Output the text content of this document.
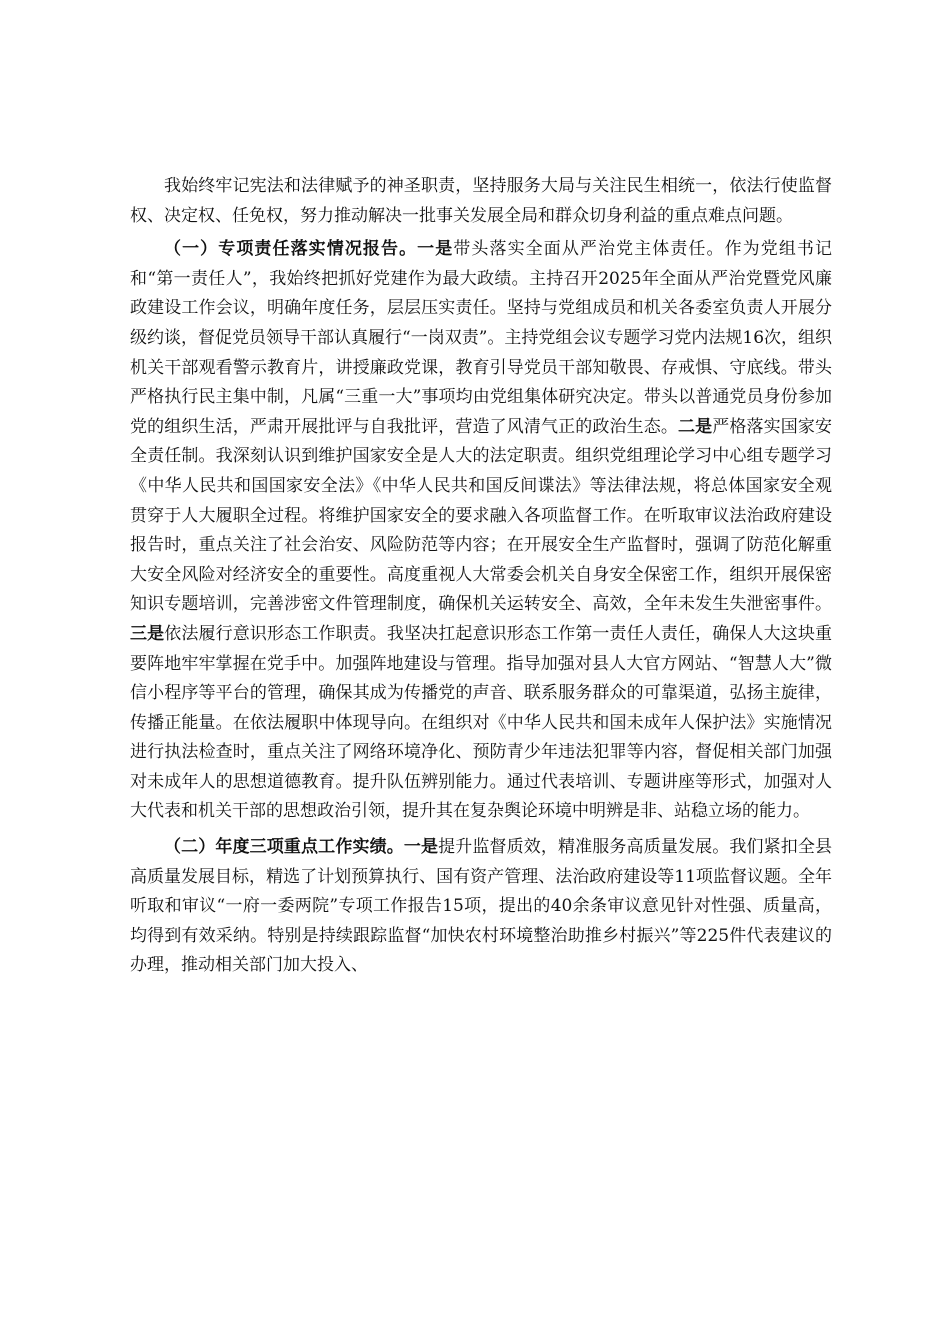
我始终牢记宪法和法律赋予的神圣职责，坚持服务大局与关注民生相统一，依法行使监督权、决定权、任免权，努力推动解决一批事关发展全局和群众切身利益的重点难点问题。

（一）专项责任落实情况报告。一是带头落实全面从严治党主体责任。作为党组书记和“第一责任人”，我始终把抓好党建作为最大政绩。主持召开2025年全面从严治党暨党风廉政建设工作会议，明确年度任务，层层压实责任。坚持与党组成员和机关各委室负责人开展分级约谈，督促党员领导干部认真履行“一岗双责”。主持党组会议专题学习党内法规16次，组织机关干部观看警示教育片，讲授廉政党课，教育引导党员干部知敬畏、存戒惧、守底线。带头严格执行民主集中制，凡属“三重一大”事项均由党组集体研究决定。带头以普通党员身份参加党的组织生活，严肃开展批评与自我批评，营造了风清气正的政治生态。二是严格落实国家安全责任制。我深刻认识到维护国家安全是人大的法定职责。组织党组理论学习中心组专题学习《中华人民共和国国家安全法》《中华人民共和国反间谍法》等法律法规，将总体国家安全观贯穿于人大履职全过程。将维护国家安全的要求融入各项监督工作。在听取审议法治政府建设报告时，重点关注了社会治安、风险防范等内容；在开展安全生产监督时，强调了防范化解重大安全风险对经济安全的重要性。高度重视人大常委会机关自身安全保密工作，组织开展保密知识专题培训，完善涉密文件管理制度，确保机关运转安全、高效，全年未发生失泄密事件。三是依法履行意识形态工作职责。我坚决扛起意识形态工作第一责任人责任，确保人大这块重要阵地牢牢掌握在党手中。加强阵地建设与管理。指导加强对县人大官方网站、“智慧人大”微信小程序等平台的管理，确保其成为传播党的声音、联系服务群众的可靠渠道，弘扬主旋律，传播正能量。在依法履职中体现导向。在组织对《中华人民共和国未成年人保护法》实施情况进行执法检查时，重点关注了网络环境净化、预防青少年违法犯罪等内容，督促相关部门加强对未成年人的思想道德教育。提升队伍辨别能力。通过代表培训、专题讲座等形式，加强对人大代表和机关干部的思想政治引领，提升其在复杂舆论环境中明辨是非、站稳立场的能力。

（二）年度三项重点工作实绩。一是提升监督质效，精准服务高质量发展。我们紧扣全县高质量发展目标，精选了计划预算执行、国有资产管理、法治政府建设等11项监督议题。全年听取和审议“一府一委两院”专项工作报告15项，提出的40余条审议意见针对性强、质量高，均得到有效采纳。特别是持续跟踪监督“加快农村环境整治助推乡村振兴”等225件代表建议的办理，推动相关部门加大投入、
